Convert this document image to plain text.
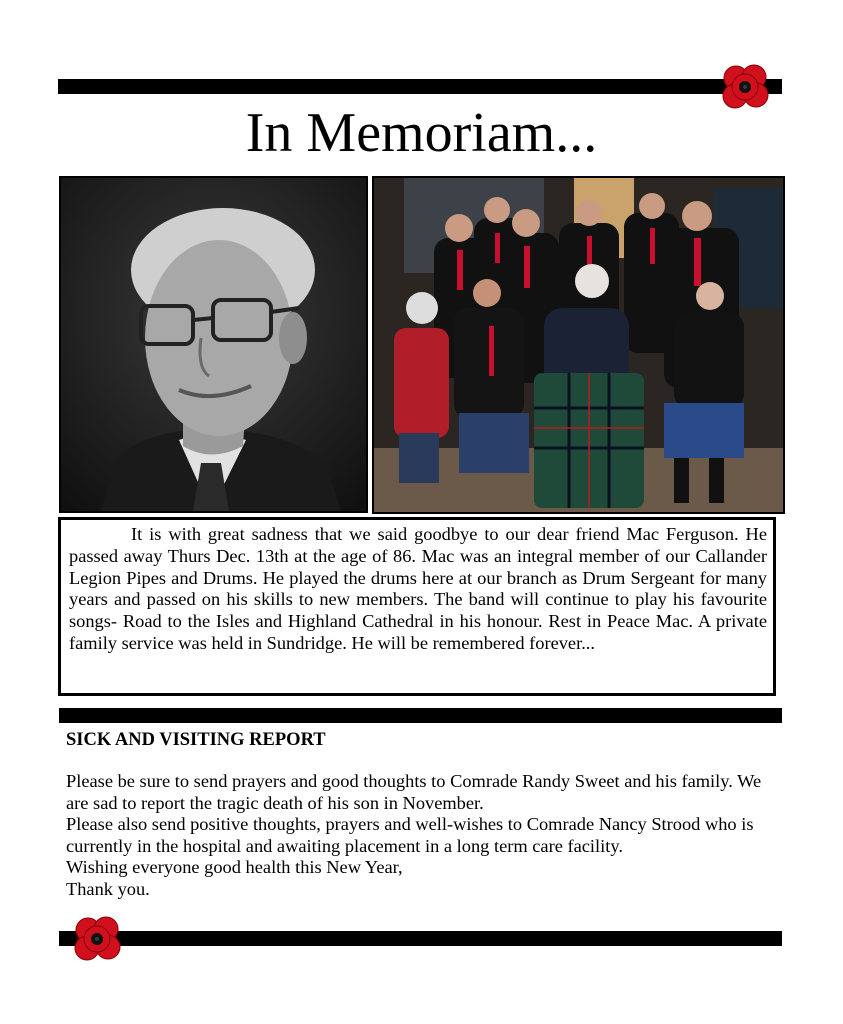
In Memoriam...

It is with great sadness that we said goodbye to our dear friend Mac Ferguson. He passed away Thurs Dec. 13th at the age of 86. Mac was an integral member of our Callander Legion Pipes and Drums. He played the drums here at our branch as Drum Sergeant for many years and passed on his skills to new members. The band will continue to play his favourite songs- Road to the Isles and Highland Cathedral in his honour. Rest in Peace Mac. A private family service was held in Sundridge. He will be remembered forever...

SICK AND VISITING REPORT

Please be sure to send prayers and good thoughts to Comrade Randy Sweet and his family. We are sad to report the tragic death of his son in November.

Please also send positive thoughts, prayers and well-wishes to Comrade Nancy Strood who is currently in the hospital and awaiting placement in a long term care facility.

Wishing everyone good health this New Year,

Thank you.
